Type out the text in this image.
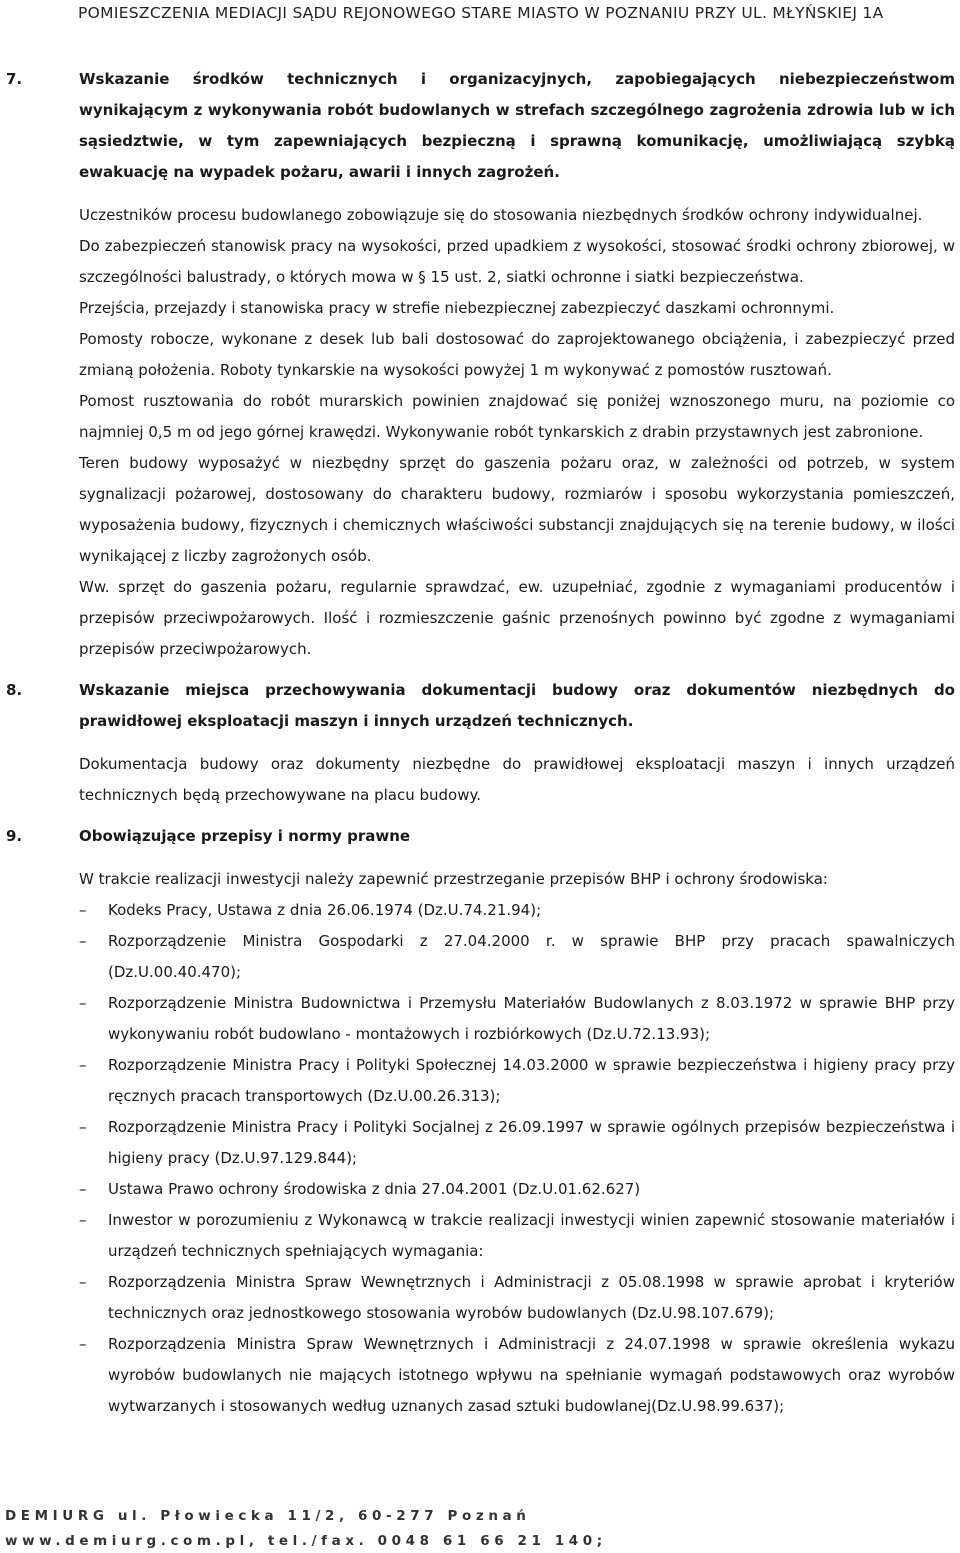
POMIESZCZENIA MEDIACJI SĄDU REJONOWEGO STARE MIASTO W POZNANIU PRZY UL. MŁYŃSKIEJ 1A
7.	Wskazanie środków technicznych i organizacyjnych, zapobiegających niebezpieczeństwom wynikającym z wykonywania robót budowlanych w strefach szczególnego zagrożenia zdrowia lub w ich sąsiedztwie, w tym zapewniających bezpieczną i sprawną komunikację, umożliwiającą szybką ewakuację na wypadek pożaru, awarii i innych zagrożeń.

Uczestników procesu budowlanego zobowiązuje się do stosowania niezbędnych środków ochrony indywidualnej.

Do zabezpieczeń stanowisk pracy na wysokości, przed upadkiem z wysokości, stosować środki ochrony zbiorowej, w szczególności balustrady, o których mowa w § 15 ust. 2, siatki ochronne i siatki bezpieczeństwa.

Przejścia, przejazdy i stanowiska pracy w strefie niebezpiecznej zabezpieczyć daszkami ochronnymi.

Pomosty robocze, wykonane z desek lub bali dostosować do zaprojektowanego obciążenia, i zabezpieczyć przed zmianą położenia. Roboty tynkarskie na wysokości powyżej 1 m wykonywać z pomostów rusztowań.

Pomost rusztowania do robót murarskich powinien znajdować się poniżej wznoszonego muru, na poziomie co najmniej 0,5 m od jego górnej krawędzi. Wykonywanie robót tynkarskich z drabin przystawnych jest zabronione.

Teren budowy wyposażyć w niezbędny sprzęt do gaszenia pożaru oraz, w zależności od potrzeb, w system sygnalizacji pożarowej, dostosowany do charakteru budowy, rozmiarów i sposobu wykorzystania pomieszczeń, wyposażenia budowy, fizycznych i chemicznych właściwości substancji znajdujących się na terenie budowy, w ilości wynikającej z liczby zagrożonych osób.

Ww. sprzęt do gaszenia pożaru, regularnie sprawdzać, ew. uzupełniać, zgodnie z wymaganiami producentów i przepisów przeciwpożarowych. Ilość i rozmieszczenie gaśnic przenośnych powinno być zgodne z wymaganiami przepisów przeciwpożarowych.

8.	Wskazanie miejsca przechowywania dokumentacji budowy oraz dokumentów niezbędnych do prawidłowej eksploatacji maszyn i innych urządzeń technicznych.

Dokumentacja budowy oraz dokumenty niezbędne do prawidłowej eksploatacji maszyn i innych urządzeń technicznych będą przechowywane na placu budowy.

9.	Obowiązujące przepisy i normy prawne

W trakcie realizacji inwestycji należy zapewnić przestrzeganie przepisów BHP i ochrony środowiska:

– Kodeks Pracy, Ustawa z dnia 26.06.1974 (Dz.U.74.21.94);
– Rozporządzenie Ministra Gospodarki z 27.04.2000 r. w sprawie BHP przy pracach spawalniczych (Dz.U.00.40.470);
– Rozporządzenie Ministra Budownictwa i Przemysłu Materiałów Budowlanych z 8.03.1972 w sprawie BHP przy wykonywaniu robót budowlano - montażowych i rozbiórkowych (Dz.U.72.13.93);
– Rozporządzenie Ministra Pracy i Polityki Społecznej 14.03.2000 w sprawie bezpieczeństwa i higieny pracy przy ręcznych pracach transportowych (Dz.U.00.26.313);
– Rozporządzenie Ministra Pracy i Polityki Socjalnej z 26.09.1997 w sprawie ogólnych przepisów bezpieczeństwa i higieny pracy (Dz.U.97.129.844);
– Ustawa Prawo ochrony środowiska z dnia 27.04.2001 (Dz.U.01.62.627)
– Inwestor w porozumieniu z Wykonawcą w trakcie realizacji inwestycji winien zapewnić stosowanie materiałów i urządzeń technicznych spełniających wymagania:
– Rozporządzenia Ministra Spraw Wewnętrznych i Administracji z 05.08.1998 w sprawie aprobat i kryteriów technicznych oraz jednostkowego stosowania wyrobów budowlanych (Dz.U.98.107.679);
– Rozporządzenia Ministra Spraw Wewnętrznych i Administracji z 24.07.1998 w sprawie określenia wykazu wyrobów budowlanych nie mających istotnego wpływu na spełnianie wymagań podstawowych oraz wyrobów wytwarzanych i stosowanych według uznanych zasad sztuki budowlanej(Dz.U.98.99.637);
DEMIURG ul. Płowiecka 11/2, 60-277 Poznań
www.demiurg.com.pl, tel./fax. 0048 61 66 21 140;
